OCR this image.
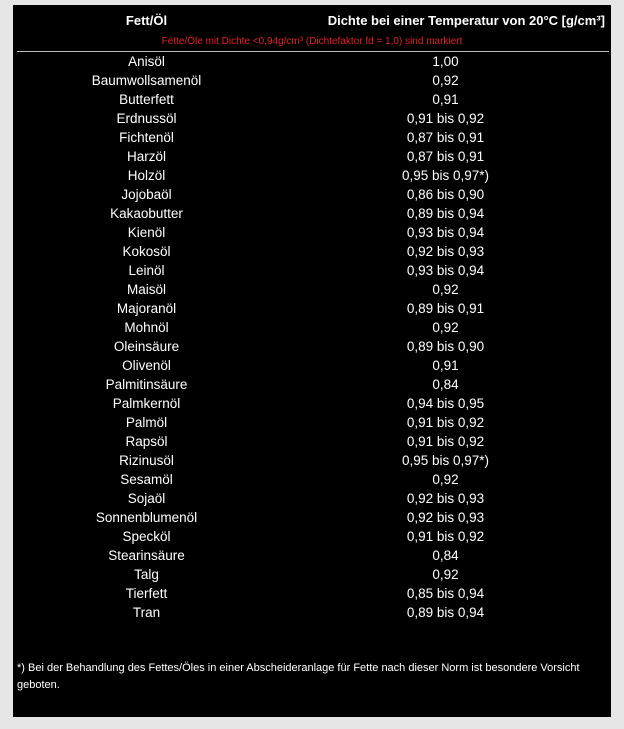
Fett/Öl	Dichte bei einer Temperatur von 20°C [g/cm³]
Fette/Öle mit Dichte <0,94g/cm³ (Dichtefaktor fd = 1,0) sind markiert
Anisöl	1,00
Baumwollsamenöl	0,92
Butterfett	0,91
Erdnussöl	0,91 bis 0,92
Fichtenöl	0,87 bis 0,91
Harzöl	0,87 bis 0,91
Holzöl	0,95 bis 0,97*)
Jojobaöl	0,86 bis 0,90
Kakaobutter	0,89 bis 0,94
Kienöl	0,93 bis 0,94
Kokosöl	0,92 bis 0,93
Leinöl	0,93 bis 0,94
Maisöl	0,92
Majoranöl	0,89 bis 0,91
Mohnöl	0,92
Oleinsäure	0,89 bis 0,90
Olivenöl	0,91
Palmitinsäure	0,84
Palmkernöl	0,94 bis 0,95
Palmöl	0,91 bis 0,92
Rapsöl	0,91 bis 0,92
Rizinusöl	0,95 bis 0,97*)
Sesamöl	0,92
Sojaöl	0,92 bis 0,93
Sonnenblumenöl	0,92 bis 0,93
Specköl	0,91 bis 0,92
Stearinsäure	0,84
Talg	0,92
Tierfett	0,85 bis 0,94
Tran	0,89 bis 0,94
*) Bei der Behandlung des Fettes/Öles in einer Abscheideranlage für Fette nach dieser Norm ist besondere Vorsicht geboten.
